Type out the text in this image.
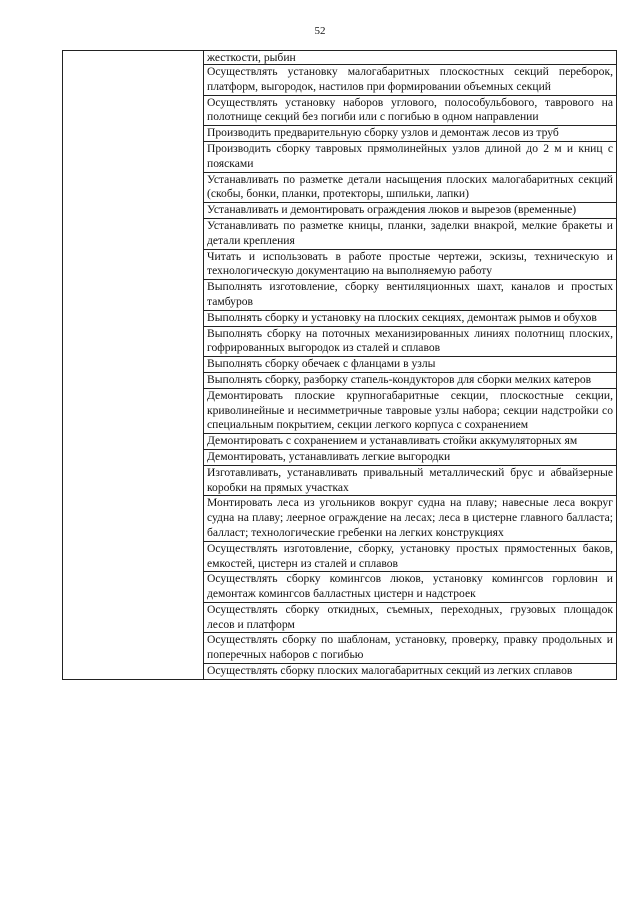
52
	жесткости, рыбин
Осуществлять установку малогабаритных плоскостных секций переборок, платформ, выгородок, настилов при формировании объемных секций
Осуществлять установку наборов углового, полособульбового, таврового на полотнище секций без погиби или с погибью в одном направлении
Производить предварительную сборку узлов и демонтаж лесов из труб
Производить сборку тавровых прямолинейных узлов длиной до 2 м и книц с поясками
Устанавливать по разметке детали насыщения плоских малогабаритных секций (скобы, бонки, планки, протекторы, шпильки, лапки)
Устанавливать и демонтировать ограждения люков и вырезов (временные)
Устанавливать по разметке кницы, планки, заделки внакрой, мелкие бракеты и детали крепления
Читать и использовать в работе простые чертежи, эскизы, техническую и технологическую документацию на выполняемую работу
Выполнять изготовление, сборку вентиляционных шахт, каналов и простых тамбуров
Выполнять сборку и установку на плоских секциях, демонтаж рымов и обухов
Выполнять сборку на поточных механизированных линиях полотнищ плоских, гофрированных выгородок из сталей и сплавов
Выполнять сборку обечаек с фланцами в узлы
Выполнять сборку, разборку стапель-кондукторов для сборки мелких катеров
Демонтировать плоские крупногабаритные секции, плоскостные секции, криволинейные и несимметричные тавровые узлы набора; секции надстройки со специальным покрытием, секции легкого корпуса с сохранением
Демонтировать с сохранением и устанавливать стойки аккумуляторных ям
Демонтировать, устанавливать легкие выгородки
Изготавливать, устанавливать привальный металлический брус и абвайзерные коробки на прямых участках
Монтировать леса из угольников вокруг судна на плаву; навесные леса вокруг судна на плаву; леерное ограждение на лесах; леса в цистерне главного балласта; балласт; технологические гребенки на легких конструкциях
Осуществлять изготовление, сборку, установку простых прямостенных баков, емкостей, цистерн из сталей и сплавов
Осуществлять сборку комингсов люков, установку комингсов горловин и демонтаж комингсов балластных цистерн и надстроек
Осуществлять сборку откидных, съемных, переходных, грузовых площадок лесов и платформ
Осуществлять сборку по шаблонам, установку, проверку, правку продольных и поперечных наборов с погибью
Осуществлять сборку плоских малогабаритных секций из легких сплавов
